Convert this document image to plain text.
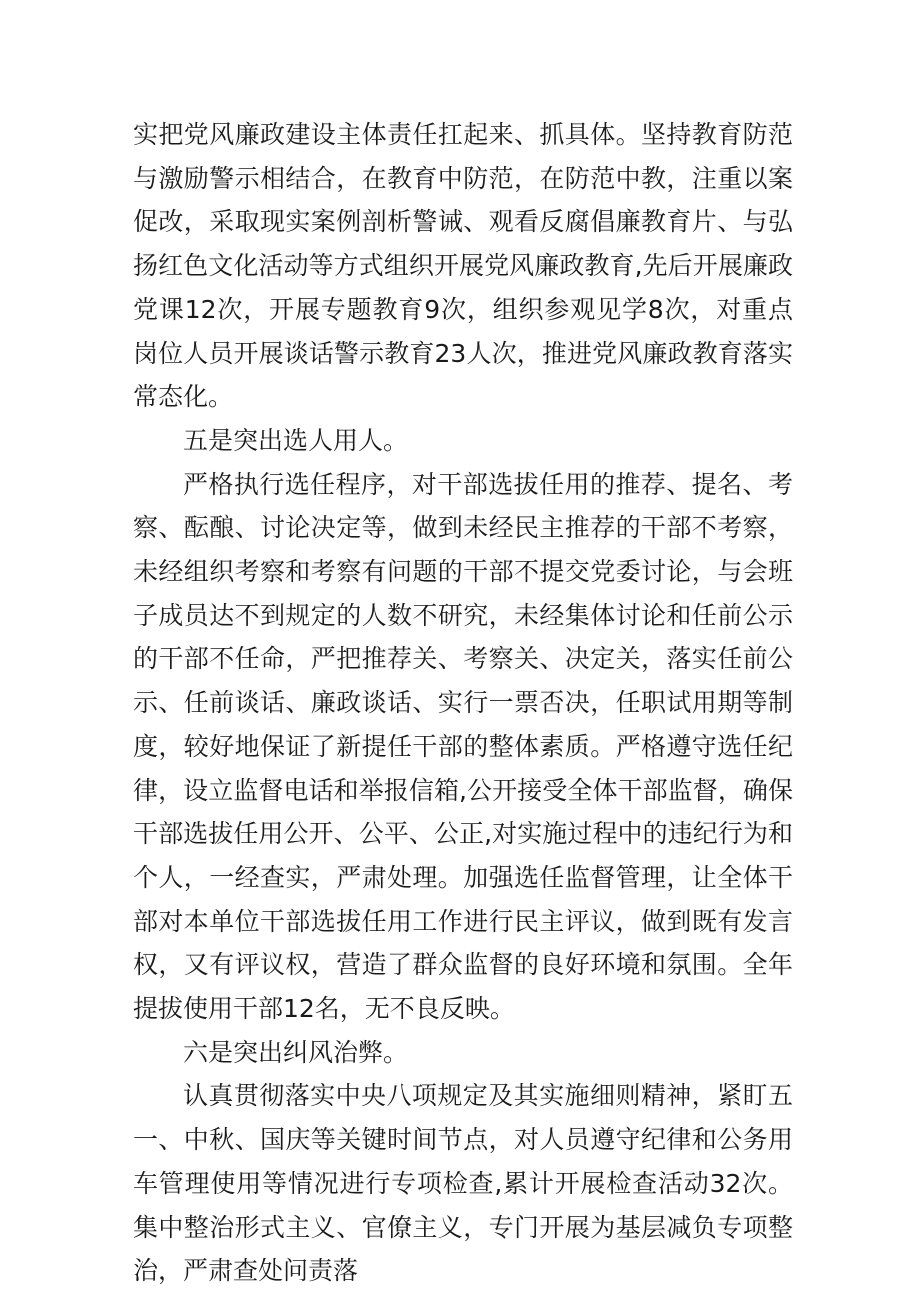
实把党风廉政建设主体责任扛起来、抓具体。坚持教育防范与激励警示相结合，在教育中防范，在防范中教，注重以案促改，采取现实案例剖析警诫、观看反腐倡廉教育片、与弘扬红色文化活动等方式组织开展党风廉政教育,先后开展廉政党课12次，开展专题教育9次，组织参观见学8次，对重点岗位人员开展谈话警示教育23人次，推进党风廉政教育落实常态化。

五是突出选人用人。

严格执行选任程序，对干部选拔任用的推荐、提名、考察、酝酿、讨论决定等，做到未经民主推荐的干部不考察，未经组织考察和考察有问题的干部不提交党委讨论，与会班子成员达不到规定的人数不研究，未经集体讨论和任前公示的干部不任命，严把推荐关、考察关、决定关，落实任前公示、任前谈话、廉政谈话、实行一票否决，任职试用期等制度，较好地保证了新提任干部的整体素质。严格遵守选任纪律，设立监督电话和举报信箱,公开接受全体干部监督，确保干部选拔任用公开、公平、公正,对实施过程中的违纪行为和个人，一经查实，严肃处理。加强选任监督管理，让全体干部对本单位干部选拔任用工作进行民主评议，做到既有发言权，又有评议权，营造了群众监督的良好环境和氛围。全年提拔使用干部12名，无不良反映。

六是突出纠风治弊。

认真贯彻落实中央八项规定及其实施细则精神，紧盯五一、中秋、国庆等关键时间节点，对人员遵守纪律和公务用车管理使用等情况进行专项检查,累计开展检查活动32次。集中整治形式主义、官僚主义，专门开展为基层减负专项整治，严肃查处问责落
